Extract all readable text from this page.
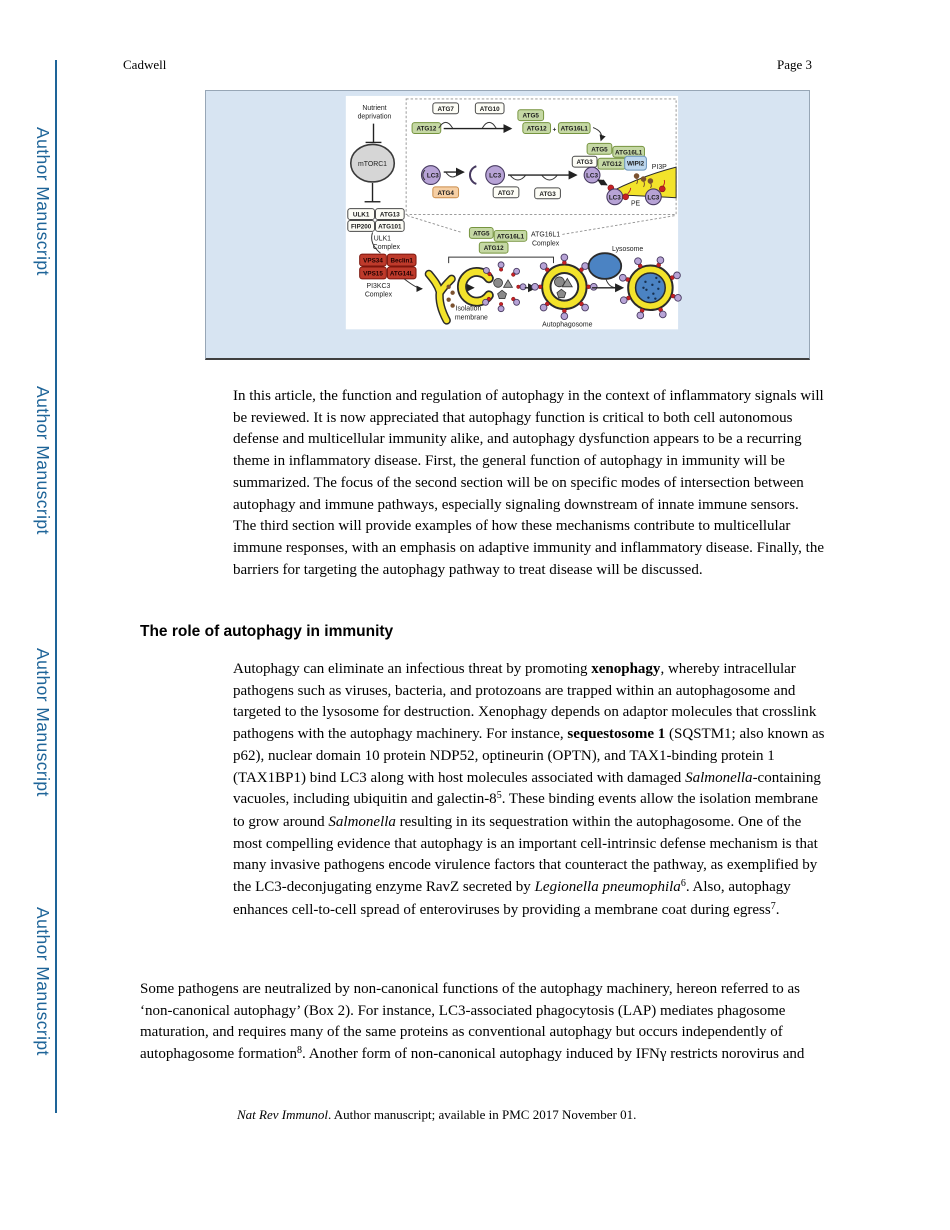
Author Manuscript
Author Manuscript
Author Manuscript
Author Manuscript
Cadwell	Page 3
Nutrient
deprivation
mTORC1
ULK1 ATG13
FIP200 ATG101
ULK1
Complex
VPS34 Beclin1
VPS15 ATG14L
PI3KC3
Complex
ATG7	ATG10
ATG12
ATG5
ATG12 + ATG16L1
ATG5 ATG16L1
ATG3 ATG12 WIPI2 PI3P
LC3
LC3
PE
LC3
LC3
ATG4
LC3
ATG7	ATG3
ATG5 ATG16L1
ATG12
ATG16L1
Complex
Isolation
membrane
Autophagosome
Lysosome

In this article, the function and regulation of autophagy in the context of inflammatory signals will be reviewed. It is now appreciated that autophagy function is critical to both cell autonomous defense and multicellular immunity alike, and autophagy dysfunction appears to be a recurring theme in inflammatory disease. First, the general function of autophagy in immunity will be summarized. The focus of the second section will be on specific modes of intersection between autophagy and immune pathways, especially signaling downstream of innate immune sensors. The third section will provide examples of how these mechanisms contribute to multicellular immune responses, with an emphasis on adaptive immunity and inflammatory disease. Finally, the barriers for targeting the autophagy pathway to treat disease will be discussed.

The role of autophagy in immunity

Autophagy can eliminate an infectious threat by promoting xenophagy, whereby intracellular pathogens such as viruses, bacteria, and protozoans are trapped within an autophagosome and targeted to the lysosome for destruction. Xenophagy depends on adaptor molecules that crosslink pathogens with the autophagy machinery. For instance, sequestosome 1 (SQSTM1; also known as p62), nuclear domain 10 protein NDP52, optineurin (OPTN), and TAX1-binding protein 1 (TAX1BP1) bind LC3 along with host molecules associated with damaged Salmonella-containing vacuoles, including ubiquitin and galectin-$8^5$. These binding events allow the isolation membrane to grow around Salmonella resulting in its sequestration within the autophagosome. One of the most compelling evidence that autophagy is an important cell-intrinsic defense mechanism is that many invasive pathogens encode virulence factors that counteract the pathway, as exemplified by the LC3-deconjugating enzyme RavZ secreted by Legionella pneumophila$^6$. Also, autophagy enhances cell-to-cell spread of enteroviruses by providing a membrane coat during egress$^7$.

Some pathogens are neutralized by non-canonical functions of the autophagy machinery, hereon referred to as ‘non-canonical autophagy’ (Box 2). For instance, LC3-associated phagocytosis (LAP) mediates phagosome maturation, and requires many of the same proteins as conventional autophagy but occurs independently of autophagosome formation$^8$. Another form of non-canonical autophagy induced by IFNγ restricts norovirus and

Nat Rev Immunol. Author manuscript; available in PMC 2017 November 01.
